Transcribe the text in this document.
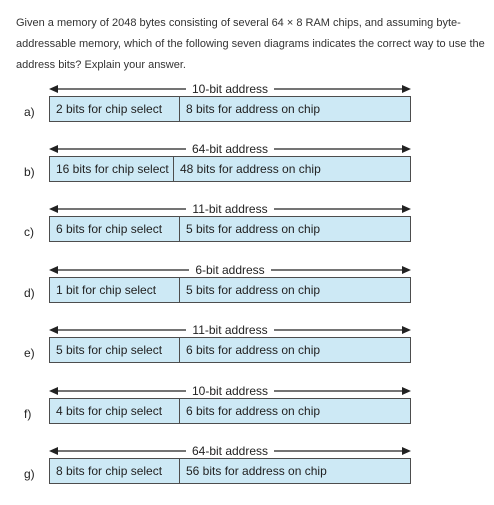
Given a memory of 2048 bytes consisting of several 64 × 8 RAM chips, and assuming byte-addressable memory, which of the following seven diagrams indicates the correct way to use the address bits? Explain your answer.
10-bit address
a)	2 bits for chip select	8 bits for address on chip
64-bit address
b)	16 bits for chip select 48 bits for address on chip
11-bit address
c)	6 bits for chip select	5 bits for address on chip
6-bit address
d)	1 bit for chip select	5 bits for address on chip
11-bit address
e)	5 bits for chip select	6 bits for address on chip
10-bit address
f)	4 bits for chip select	6 bits for address on chip
64-bit address
g)	8 bits for chip select	56 bits for address on chip
